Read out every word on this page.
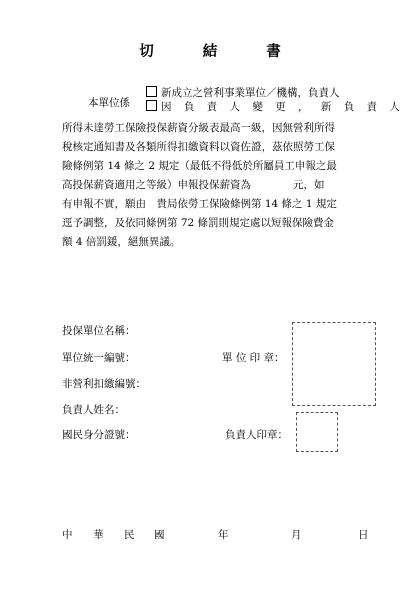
切 結 書
本單位係
新成立之營利事業單位／機構，負責人
因 負 責 人 變 更 ， 新 負 責 人

所得未達勞工保險投保薪資分級表最高一級，因無營利所得

稅核定通知書及各類所得扣繳資料以資佐證，茲依照勞工保

險條例第 14 條之 2 規定（最低不得低於所屬員工申報之最

高投保薪資適用之等級）申報投保薪資為　　　　元，如

有申報不實，願由　貴局依勞工保險條例第 14 條之 1 規定

逕予調整，及依同條例第 72 條罰則規定處以短報保險費金

額 4 倍罰鍰，絕無異議。

投保單位名稱：
單位統一編號：	單 位 印 章：
非營利扣繳編號：
負責人姓名：
國民身分證號：	負責人印章：
中 華 民 國	年	月	日
